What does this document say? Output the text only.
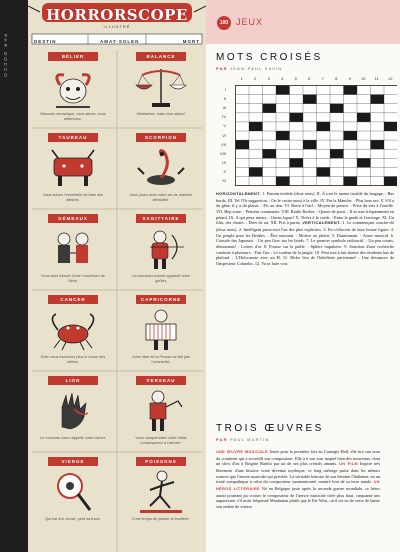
PAR DOCCO
HORRORSCOPE
ILLUSTRÉ
DESTIN	AMAT-SOLEN	MORT
BÉLIER
Mauvais mécanique, vous aimez, vous déteriorez.
BALANCE
Hésitantes, mais mon séjour!
TAUREAU
Vous suivez l'ensemble de faire des affaires.
SCORPION
Vous jouez avec votre vie de manière démodée.
GÉMEAUX
Vous avez besoin d'une l'ouverture de l'âme.
SAGITTAIRE
Un nouveau succès apparaît votre goûter.
CANCER
Enfin vous trouverez plus le clown des strikes.
CAPRICORNE
Votre idée de la Prusse ne fait pas l'unanimité.
LION
Le morceau vous rappelle votre tacher.
VERSEAU
Vous comprendrez votre faible conséquence à l'arrivée.
VIERGE
Qui est à le chose, perd sa trace.
POISSONS
Il est temps de passer la frontière.
100 JEUX
MOTS CROISÉS
PAR JEAN-PAUL SAVIN
1	2	3	4	5	6	7	8	9	10	11	12
I
II
III
IV
V
VI
VII
VIII
IX
X
XI
HORIZONTALEMENT. 1. Parrain terrible (deux mots). II. À tout le moins troublé du langage. : Bas bords. III. Tel l'Or suggestion. : On le croise aussi à la ville. IV. Par la Manche. : Plus hors sec. V. S'il a du gêne, il y a du plaisir. : Pic au don. VI. Boire à l'œil. : Moyen de preuve. : Prise du seiz à l'oseille. VII. Hep autre. : Pensées communes. VIII. Radio Rocher. : Queue de paon. : Il se met fréquemment en pétard. IX. A qui peux mieux. : Omiss lupus? X. Tirées à la corde. : Entre la grade et l'arrivage. XI. Un film, des chutes. : Dees de air. XII. Pris à partie. VERTICALEMENT. 1. Le commençant couche-tôt (deux mots). 2. Intelligent passe-moi l'un des plus explicites. 3. En s'effacent de faire bonne figure. 4. Un peuple pour les Beatles. : Être naissant. : Motive au plaisir. 5. Dantesmani. : Assez musical. 6. Console des Japonais. : Un peu Grec sur les bords. 7. Le premier symbole radioactif. : Un peu courts, détonnants! : Lettres d'or. 8. Pousse sur la paille. : Sphère impulsive. 9. Sanction d'une recherche conduite à plusieurs. : Fait l'air. : Le rouleur de la jungle. 10. Peut tout à fait abriter des résidents bas de plafond. : L'Holocauste avec un H. 11. Riche lieu de l'hôtellerie parisienne! : Une devanture de l'inspecteur Columbo. 12. Va se faire voir.
TROIS ŒUVRES
PAR PAUL MARTIN
UNE ŒUVRE MUSICALE Jouée pour la première fois au Carnegie Hall, elle tire son nom du continent qui a accueilli son compositeur. Elle a à son tour inspiré bien des morceaux, dont un slow d'où à Brigitte Bardot par un de ses plus créatifs amants. UN FILM Inspiré très librement d'une histoire vraie devenue mythique, ce long métrage puise dans les mêmes sources que l'œuvre musicale qui précède. La véritable histoire de son héroïne l'Indienne, en un traité sympathique à celui du compositeur susmentionné, montré loin de sa terre natale. UN HÉROS LITTÉRAIRE Né en Belgique juste après la seconde guerre mondiale, ce héros aurait pourtant pu croiser le compositeur de l'œuvre musicale citée plus haut, cinquante ans auparavant, s'il avait fréquenté Manhattan plutôt que le Far West, où il n'a eu de cesse de battre son ombre de vitesse.
